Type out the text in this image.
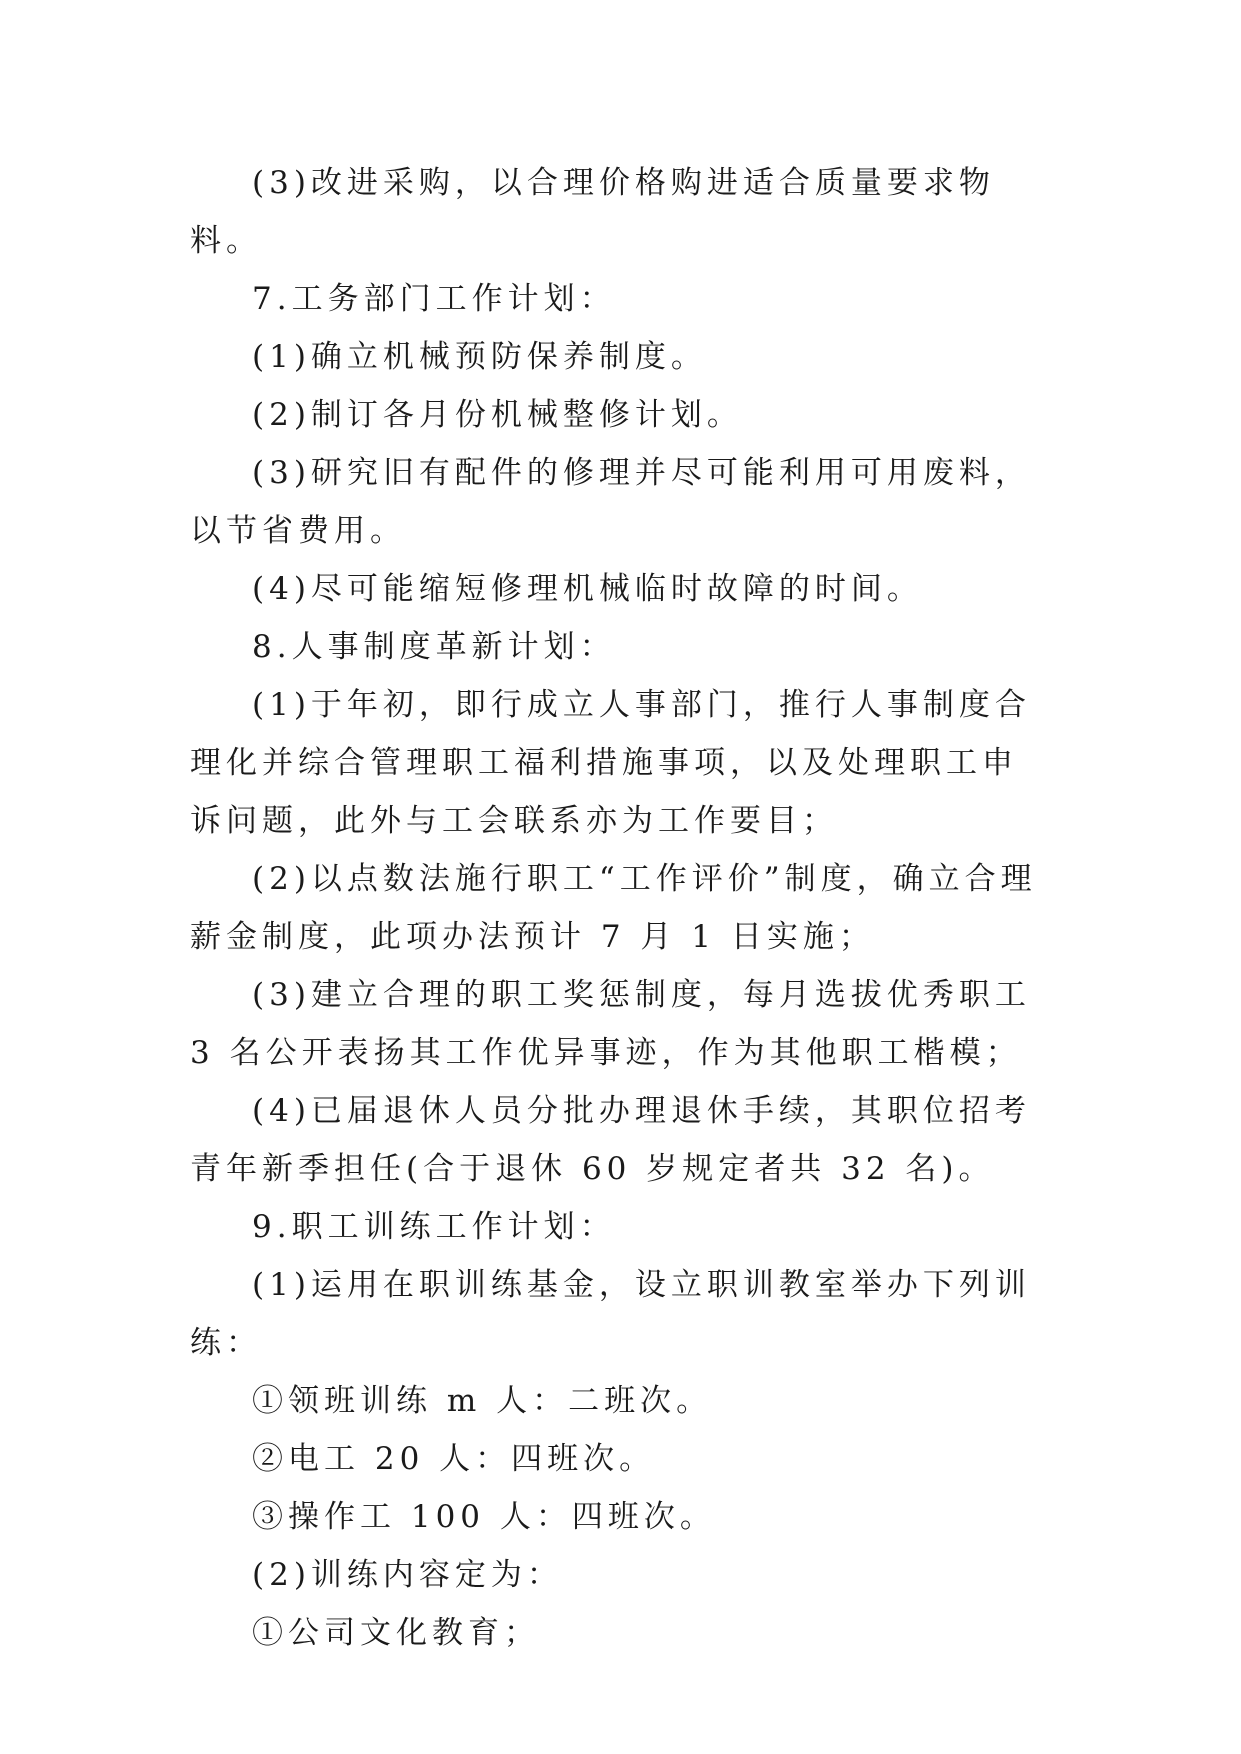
(3)改进采购，以合理价格购进适合质量要求物料。

7.工务部门工作计划：

(1)确立机械预防保养制度。

(2)制订各月份机械整修计划。

(3)研究旧有配件的修理并尽可能利用可用废料，以节省费用。

(4)尽可能缩短修理机械临时故障的时间。

8.人事制度革新计划：

(1)于年初，即行成立人事部门，推行人事制度合理化并综合管理职工福利措施事项，以及处理职工申诉问题，此外与工会联系亦为工作要目；

(2)以点数法施行职工“工作评价”制度，确立合理薪金制度，此项办法预计 7 月 1 日实施；

(3)建立合理的职工奖惩制度，每月选拔优秀职工 3 名公开表扬其工作优异事迹，作为其他职工楷模；

(4)已届退休人员分批办理退休手续，其职位招考青年新季担任(合于退休 60 岁规定者共 32 名)。

9.职工训练工作计划：

(1)运用在职训练基金，设立职训教室举办下列训练：

①领班训练 m 人：二班次。

②电工 20 人：四班次。

③操作工 100 人：四班次。

(2)训练内容定为：

①公司文化教育；
